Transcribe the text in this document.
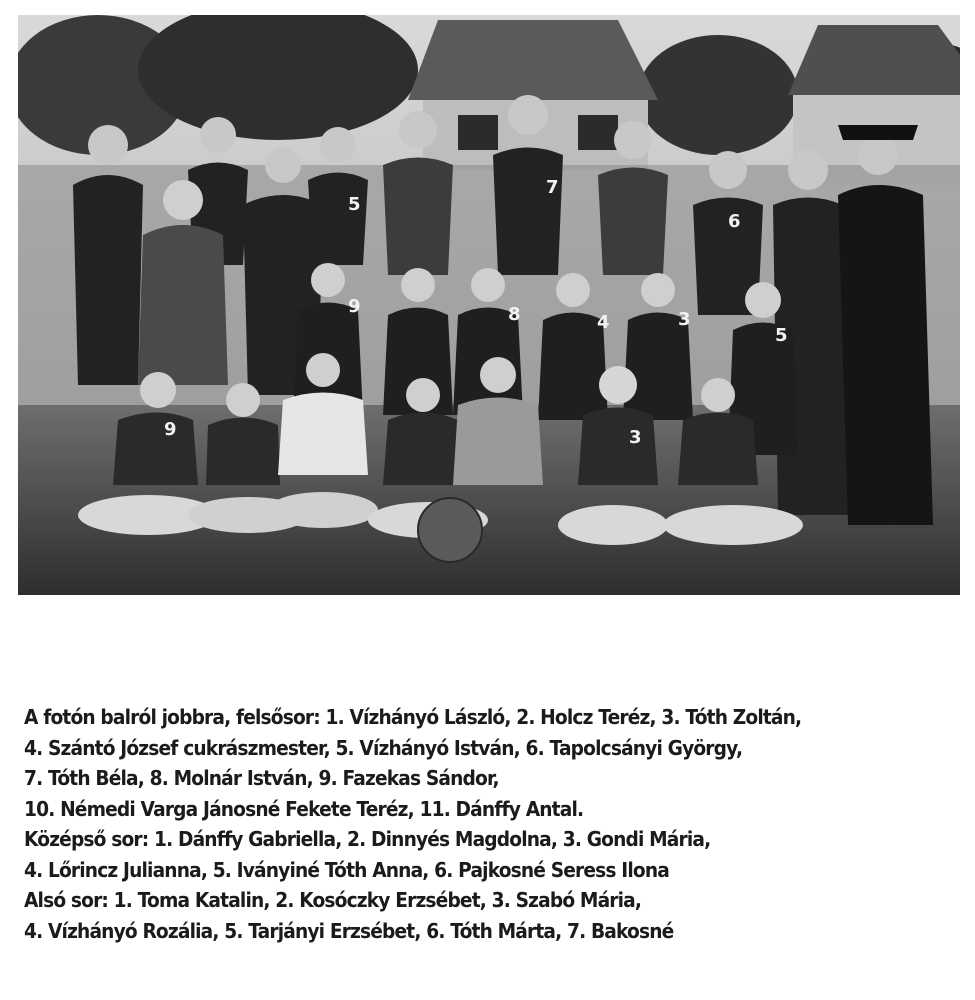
5
7
6
9	8	4	3
5
9	3
A fotón balról jobbra, felsősor: 1. Vízhányó László, 2. Holcz Teréz, 3. Tóth Zoltán,
4. Szántó József cukrászmester, 5. Vízhányó István, 6. Tapolcsányi György,
7. Tóth Béla, 8. Molnár István, 9. Fazekas Sándor,
10. Némedi Varga Jánosné Fekete Teréz, 11. Dánffy Antal.
Középső sor: 1. Dánffy Gabriella, 2. Dinnyés Magdolna, 3. Gondi Mária,
4. Lőrincz Julianna, 5. Iványiné Tóth Anna, 6. Pajkosné Seress Ilona
Alsó sor: 1. Toma Katalin, 2. Kosóczky Erzsébet, 3. Szabó Mária,
4. Vízhányó Rozália, 5. Tarjányi Erzsébet, 6. Tóth Márta, 7. Bakosné
